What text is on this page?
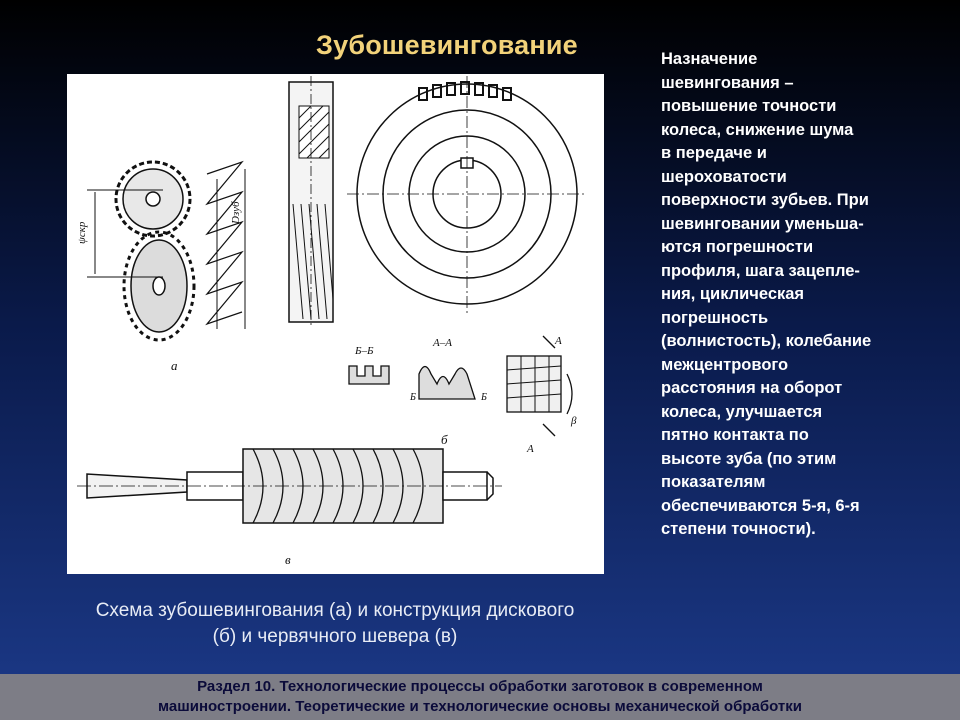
Зубошевингование
ψскр
Dзуб
а
Б–Б
А–А	А
А
Б	Б
β
б
в
Назначение
шевингования –
повышение точности
колеса, снижение шума
в передаче и
шероховатости
поверхности зубьев. При
шевинговании уменьша-
ются погрешности
профиля, шага зацепле-
ния, циклическая
погрешность
(волнистость), колебание
межцентрового
расстояния на оборот
колеса, улучшается
пятно контакта по
высоте зуба (по этим
показателям
обеспечиваются 5-я, 6-я
степени точности).
Схема зубошевингования (а) и конструкция дискового
(б) и червячного шевера (в)
Раздел 10. Технологические процессы обработки заготовок в современном
машиностроении. Теоретические и технологические основы механической обработки
